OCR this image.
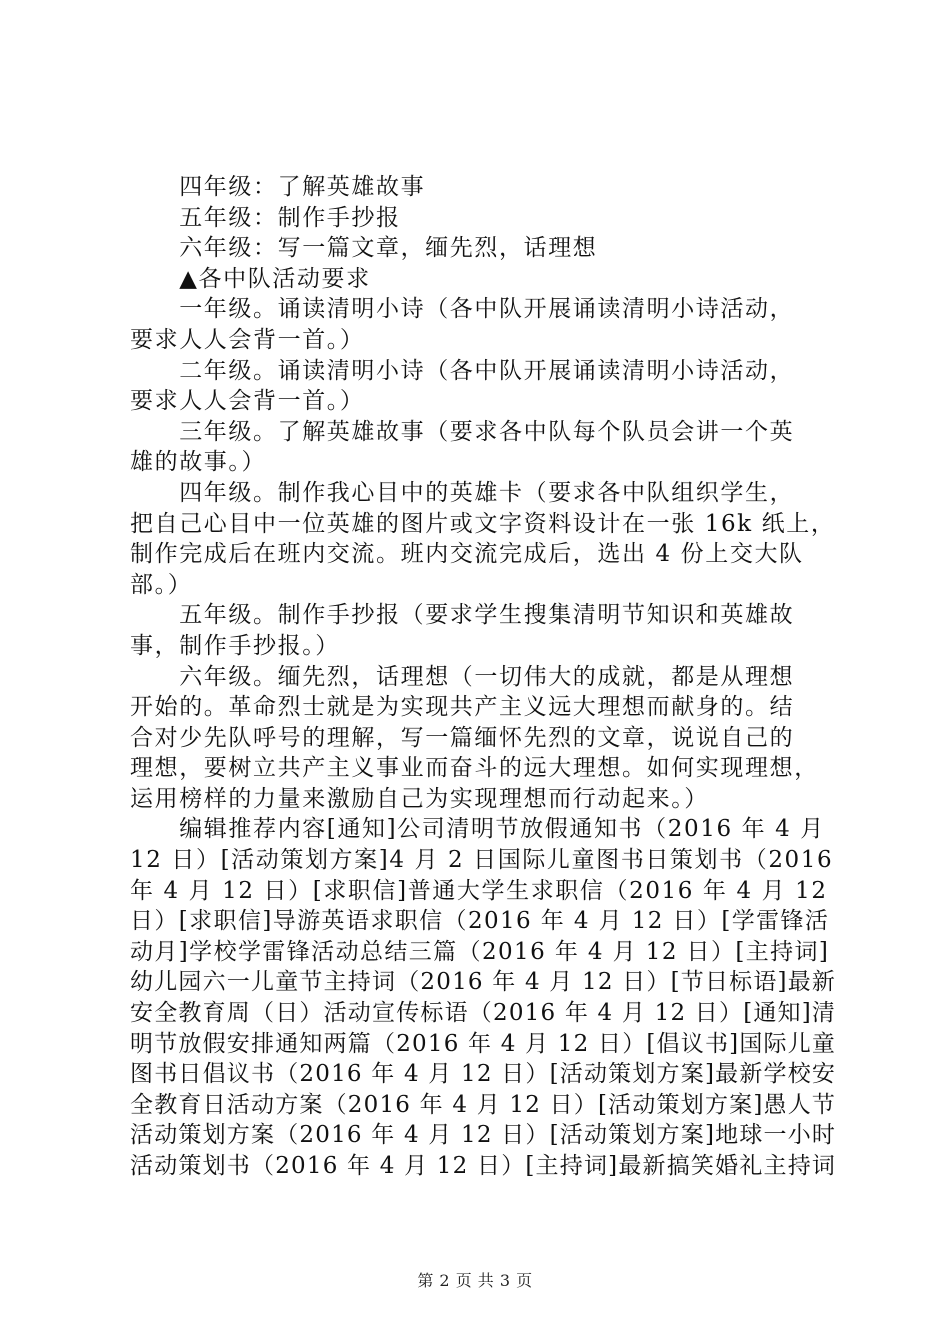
　　四年级：了解英雄故事
　　五年级：制作手抄报
　　六年级：写一篇文章，缅先烈，话理想
　　▲各中队活动要求
　　一年级。诵读清明小诗（各中队开展诵读清明小诗活动，
要求人人会背一首。）
　　二年级。诵读清明小诗（各中队开展诵读清明小诗活动，
要求人人会背一首。）
　　三年级。了解英雄故事（要求各中队每个队员会讲一个英
雄的故事。）
　　四年级。制作我心目中的英雄卡（要求各中队组织学生，
把自己心目中一位英雄的图片或文字资料设计在一张 16k 纸上，
制作完成后在班内交流。班内交流完成后，选出 4 份上交大队
部。）
　　五年级。制作手抄报（要求学生搜集清明节知识和英雄故
事，制作手抄报。）
　　六年级。缅先烈，话理想（一切伟大的成就，都是从理想
开始的。革命烈士就是为实现共产主义远大理想而献身的。结
合对少先队呼号的理解，写一篇缅怀先烈的文章，说说自己的
理想，要树立共产主义事业而奋斗的远大理想。如何实现理想，
运用榜样的力量来激励自己为实现理想而行动起来。）
　　编辑推荐内容[通知]公司清明节放假通知书（2016 年 4 月
12 日）[活动策划方案]4 月 2 日国际儿童图书日策划书（2016
年 4 月 12 日）[求职信]普通大学生求职信（2016 年 4 月 12
日）[求职信]导游英语求职信（2016 年 4 月 12 日）[学雷锋活
动月]学校学雷锋活动总结三篇（2016 年 4 月 12 日）[主持词]
幼儿园六一儿童节主持词（2016 年 4 月 12 日）[节日标语]最新
安全教育周（日）活动宣传标语（2016 年 4 月 12 日）[通知]清
明节放假安排通知两篇（2016 年 4 月 12 日）[倡议书]国际儿童
图书日倡议书（2016 年 4 月 12 日）[活动策划方案]最新学校安
全教育日活动方案（2016 年 4 月 12 日）[活动策划方案]愚人节
活动策划方案（2016 年 4 月 12 日）[活动策划方案]地球一小时
活动策划书（2016 年 4 月 12 日）[主持词]最新搞笑婚礼主持词
第 2 页 共 3 页
